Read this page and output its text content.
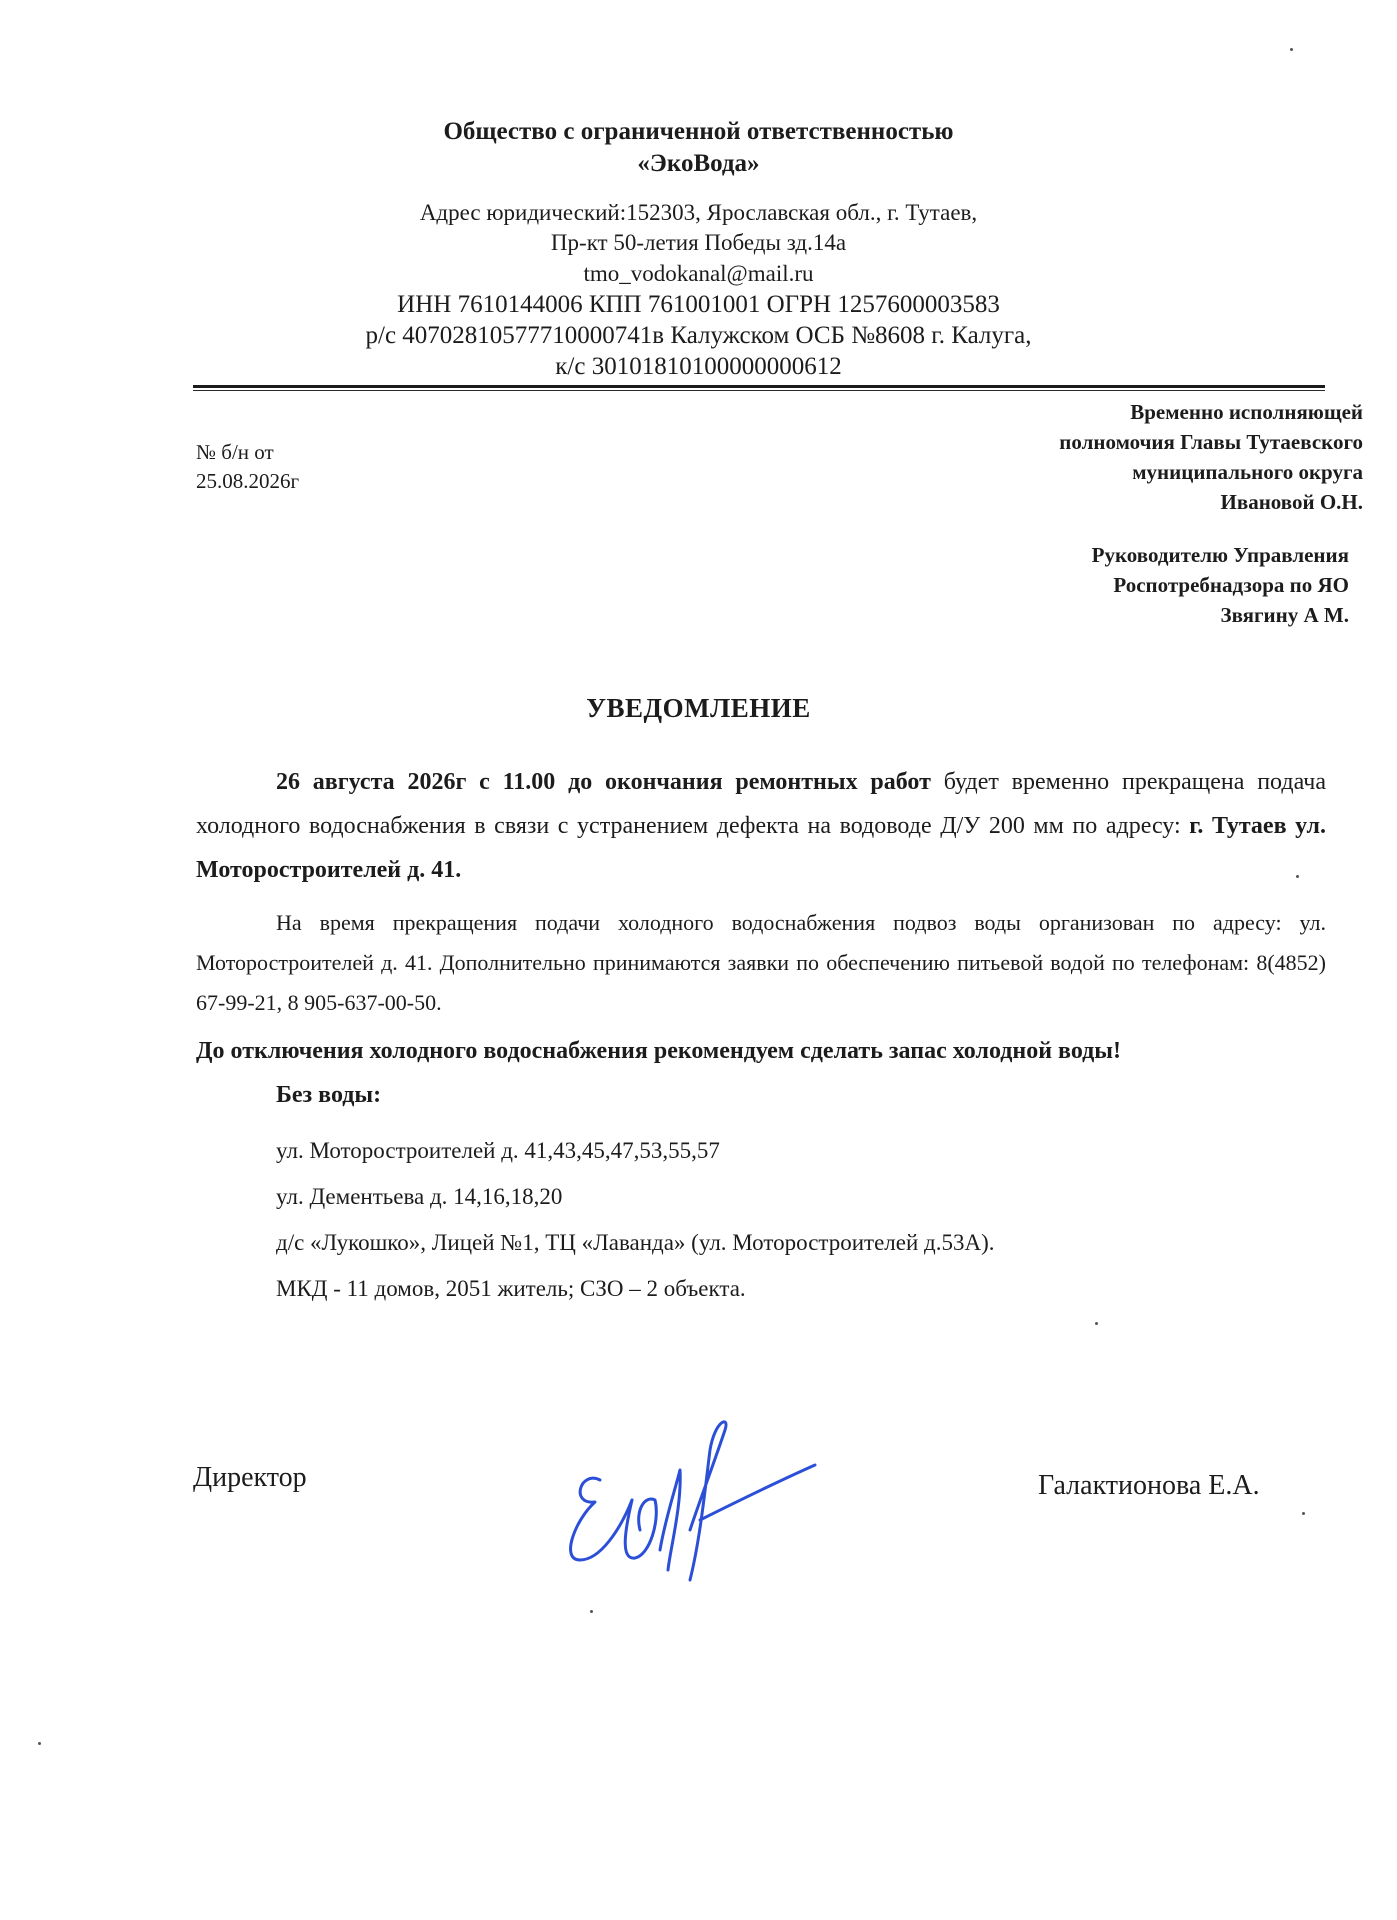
Общество с ограниченной ответственностью
«ЭкоВода»
Адрес юридический:152303, Ярославская обл., г. Тутаев,
Пр-кт 50-летия Победы зд.14а
tmo_vodokanal@mail.ru
ИНН 7610144006 КПП 761001001 ОГРН 1257600003583
р/с 40702810577710000741в Калужском ОСБ №8608 г. Калуга,
к/с 30101810100000000612
№ б/н от
25.08.2026г
Временно исполняющей
полномочия Главы Тутаевского
муниципального округа
Ивановой О.Н.
Руководителю Управления
Роспотребнадзора по ЯО
Звягину А М.
УВЕДОМЛЕНИЕ
26 августа 2026г с 11.00 до окончания ремонтных работ будет временно прекращена подача холодного водоснабжения в связи с устранением дефекта на водоводе Д/У 200 мм по адресу: г. Тутаев ул. Моторостроителей д. 41.
На время прекращения подачи холодного водоснабжения подвоз воды организован по адресу: ул. Моторостроителей д. 41. Дополнительно принимаются заявки по обеспечению питьевой водой по телефонам: 8(4852) 67-99-21, 8 905-637-00-50.
До отключения холодного водоснабжения рекомендуем сделать запас холодной воды!
Без воды:
ул. Моторостроителей д. 41,43,45,47,53,55,57
ул. Дементьева д. 14,16,18,20
д/с «Лукошко», Лицей №1, ТЦ «Лаванда» (ул. Моторостроителей д.53А).
МКД - 11 домов, 2051 житель; СЗО – 2 объекта.
Директор	Галактионова Е.А.
